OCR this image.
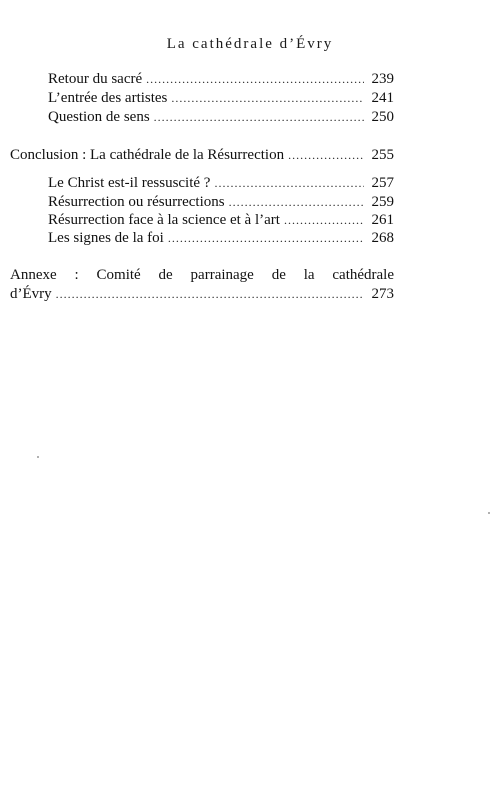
La cathédrale d’Évry
Retour du sacré .....	239
L’entrée des artistes .....	241
Question de sens .....	250
Conclusion : La cathédrale de la Résurrection .....	255
Le Christ est-il ressuscité ? .....	257
Résurrection ou résurrections .....	259
Résurrection face à la science et à l’art .....	261
Les signes de la foi .....	268
Annexe : Comité de parrainage de la cathédrale
d’Évry .....	273
